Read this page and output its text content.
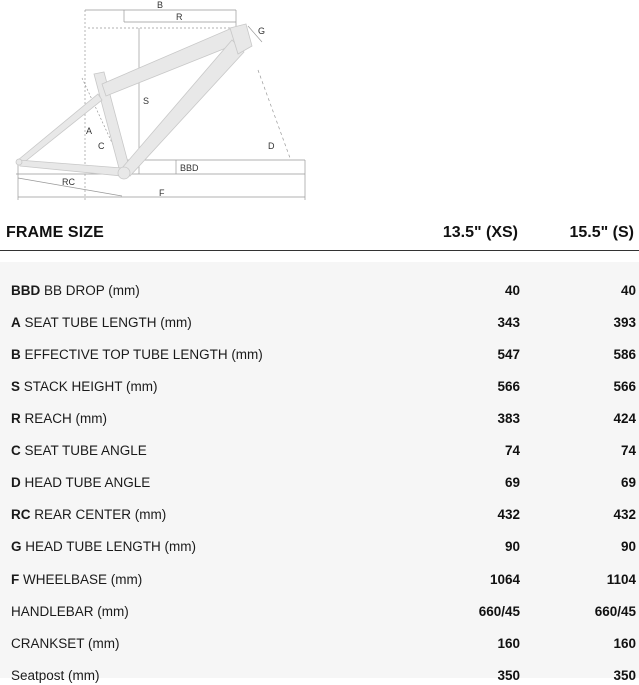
B
R
G
S
A
C	D
BBD
RC
F
FRAME SIZE	13.5" (XS)	15.5" (S)
BBD BB DROP (mm)	40	40
A SEAT TUBE LENGTH (mm)	343	393
B EFFECTIVE TOP TUBE LENGTH (mm)	547	586
S STACK HEIGHT (mm)	566	566
R REACH (mm)	383	424
C SEAT TUBE ANGLE	74	74
D HEAD TUBE ANGLE	69	69
RC REAR CENTER (mm)	432	432
G HEAD TUBE LENGTH (mm)	90	90
F WHEELBASE (mm)	1064	1104
HANDLEBAR (mm)	660/45	660/45
CRANKSET (mm)	160	160
Seatpost (mm)	350	350
